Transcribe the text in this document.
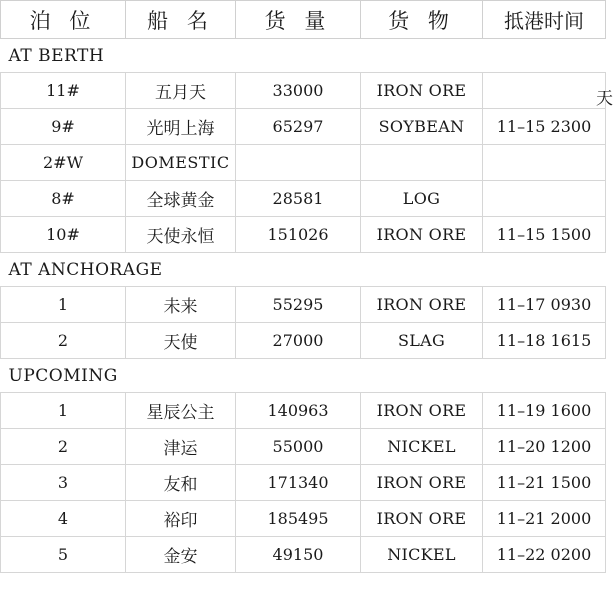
泊 位	船 名	货 量	货 物	抵港时间
AT BERTH				
11#	五月天	33000	IRON ORE	
9#	光明上海	65297	SOYBEAN	11–15 2300
2#W	DOMESTIC			
8#	全球黄金	28581	LOG	
10#	天使永恒	151026	IRON ORE	11–15 1500
AT ANCHORAGE				
1	未来	55295	IRON ORE	11–17 0930
2	天使	27000	SLAG	11–18 1615
UPCOMING				
1	星辰公主	140963	IRON ORE	11–19 1600
2	津运	55000	NICKEL	11–20 1200
3	友和	171340	IRON ORE	11–21 1500
4	裕印	185495	IRON ORE	11–21 2000
5	金安	49150	NICKEL	11–22 0200
天
